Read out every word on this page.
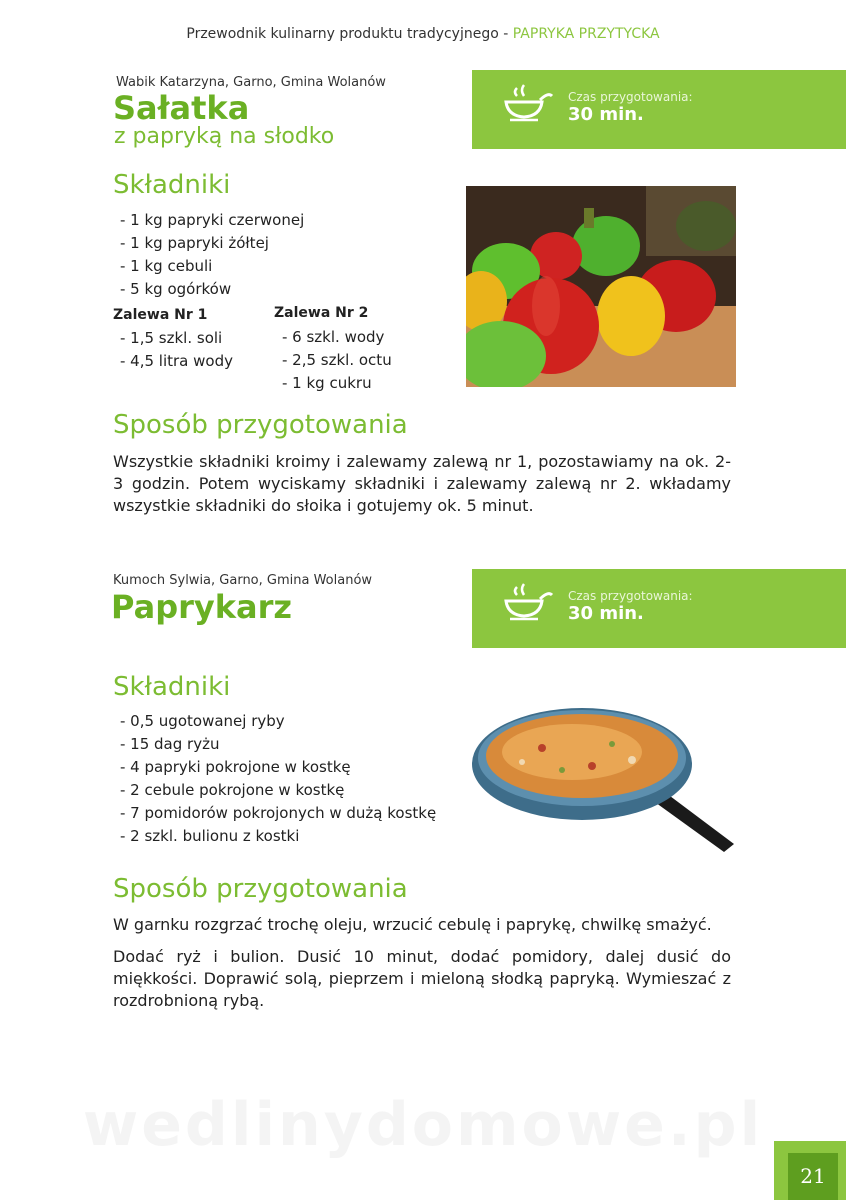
Przewodnik kulinarny produktu tradycyjnego - PAPRYKA PRZYTYCKA
Wabik Katarzyna, Garno, Gmina Wolanów
Sałatka
z papryką na słodko
Czas przygotowania:
30 min.
Składniki
- 1 kg papryki czerwonej
- 1 kg papryki żółtej
- 1 kg cebuli
- 5 kg ogórków
Zalewa Nr 1
- 1,5 szkl. soli
- 4,5 litra wody
Zalewa Nr 2
- 6 szkl. wody
- 2,5 szkl. octu
- 1 kg cukru
Sposób przygotowania

Wszystkie składniki kroimy i zalewamy zalewą nr 1, pozostawiamy na ok. 2-3 godzin. Potem wyciskamy składniki i zalewamy zalewą nr 2. wkładamy wszystkie składniki do słoika i gotujemy ok. 5 minut.

Kumoch Sylwia, Garno, Gmina Wolanów
Paprykarz	Czas przygotowania:
30 min.
Składniki
- 0,5 ugotowanej ryby
- 15 dag ryżu
- 4 papryki pokrojone w kostkę
- 2 cebule pokrojone w kostkę
- 7 pomidorów pokrojonych w dużą kostkę
- 2 szkl. bulionu z kostki
Sposób przygotowania

W garnku rozgrzać trochę oleju, wrzucić cebulę i paprykę, chwilkę smażyć.

Dodać ryż i bulion. Dusić 10 minut, dodać pomidory, dalej dusić do miękkości. Doprawić solą, pieprzem i mieloną słodką papryką. Wymieszać z rozdrobnioną rybą.

wedlinydomowe.pl
21
